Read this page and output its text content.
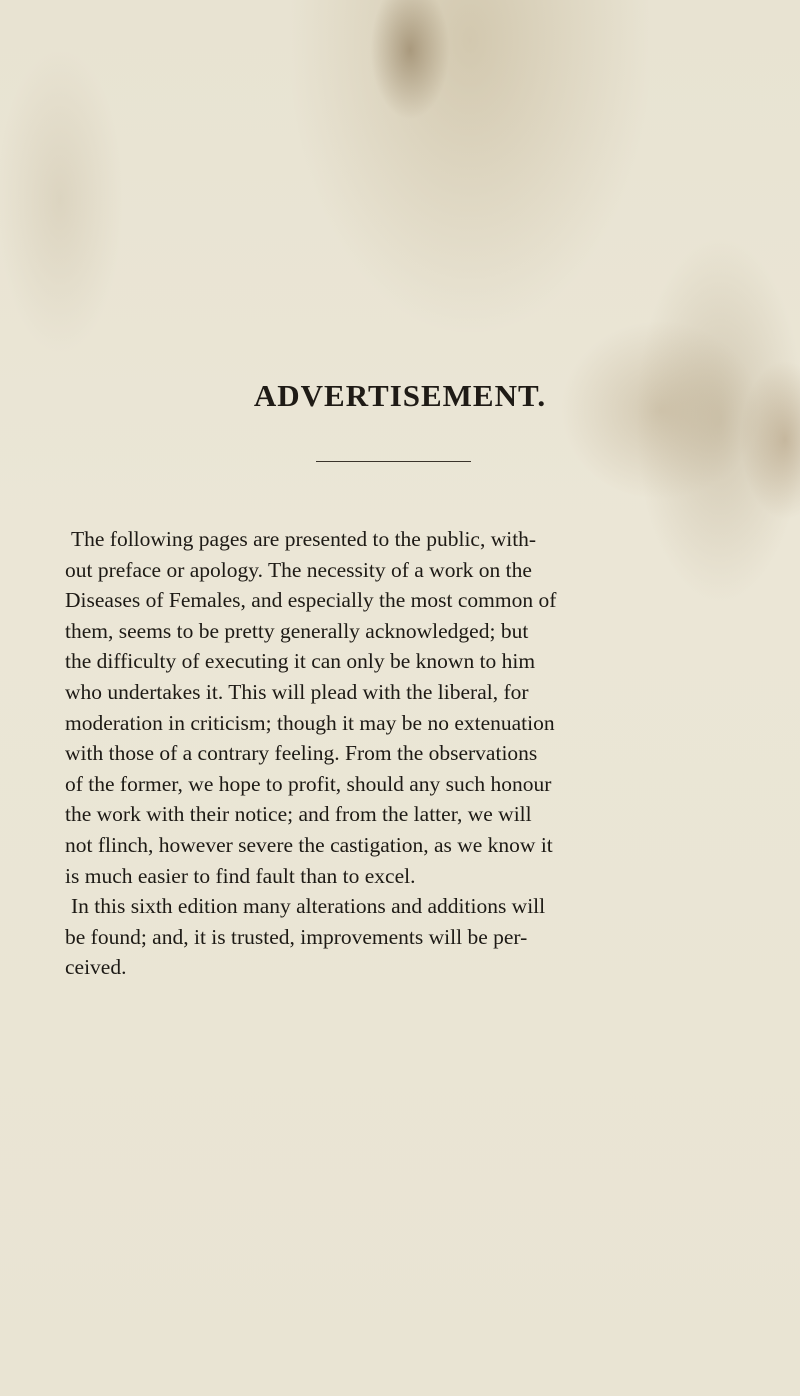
ADVERTISEMENT.
The following pages are presented to the public, with-
out preface or apology. The necessity of a work on the
Diseases of Females, and especially the most common of
them, seems to be pretty generally acknowledged; but
the difficulty of executing it can only be known to him
who undertakes it. This will plead with the liberal, for
moderation in criticism; though it may be no extenuation
with those of a contrary feeling. From the observations
of the former, we hope to profit, should any such honour
the work with their notice; and from the latter, we will
not flinch, however severe the castigation, as we know it
is much easier to find fault than to excel.
In this sixth edition many alterations and additions will
be found; and, it is trusted, improvements will be per-
ceived.
